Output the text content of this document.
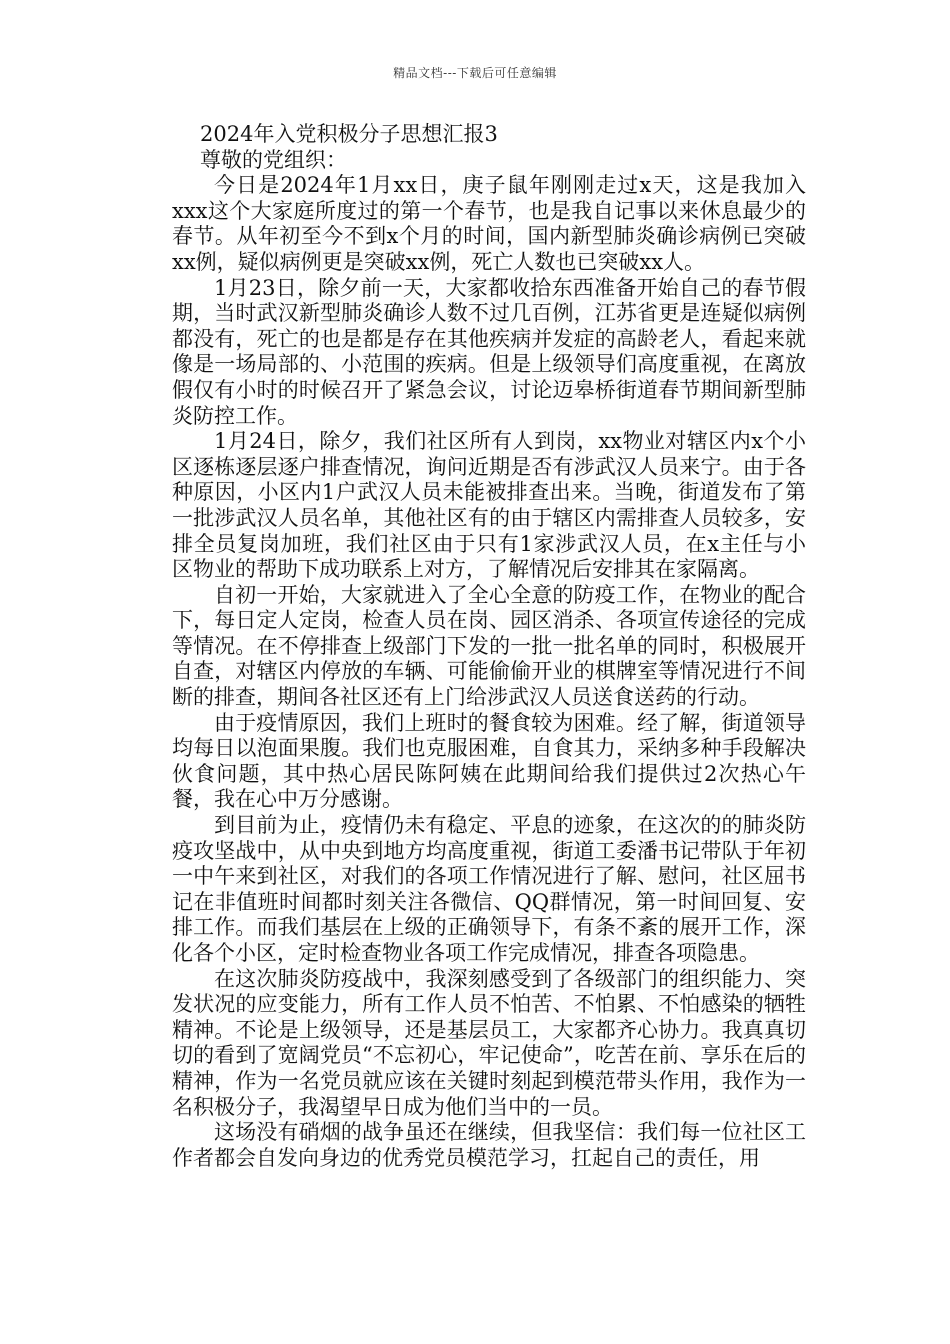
精品文档---下载后可任意编辑

2024年入党积极分子思想汇报3

尊敬的党组织：

今日是2024年1月xx日，庚子鼠年刚刚走过x天，这是我加入xxx这个大家庭所度过的第一个春节，也是我自记事以来休息最少的春节。从年初至今不到x个月的时间，国内新型肺炎确诊病例已突破xx例，疑似病例更是突破xx例，死亡人数也已突破xx人。

1月23日，除夕前一天，大家都收拾东西准备开始自己的春节假期，当时武汉新型肺炎确诊人数不过几百例，江苏省更是连疑似病例都没有，死亡的也是都是存在其他疾病并发症的高龄老人，看起来就像是一场局部的、小范围的疾病。但是上级领导们高度重视，在离放假仅有小时的时候召开了紧急会议，讨论迈皋桥街道春节期间新型肺炎防控工作。

1月24日，除夕，我们社区所有人到岗，xx物业对辖区内x个小区逐栋逐层逐户排查情况，询问近期是否有涉武汉人员来宁。由于各种原因，小区内1户武汉人员未能被排查出来。当晚，街道发布了第一批涉武汉人员名单，其他社区有的由于辖区内需排查人员较多，安排全员复岗加班，我们社区由于只有1家涉武汉人员，在x主任与小区物业的帮助下成功联系上对方，了解情况后安排其在家隔离。

自初一开始，大家就进入了全心全意的防疫工作，在物业的配合下，每日定人定岗，检查人员在岗、园区消杀、各项宣传途径的完成等情况。在不停排查上级部门下发的一批一批名单的同时，积极展开自查，对辖区内停放的车辆、可能偷偷开业的棋牌室等情况进行不间断的排查，期间各社区还有上门给涉武汉人员送食送药的行动。

由于疫情原因，我们上班时的餐食较为困难。经了解，街道领导均每日以泡面果腹。我们也克服困难，自食其力，采纳多种手段解决伙食问题，其中热心居民陈阿姨在此期间给我们提供过2次热心午餐，我在心中万分感谢。

到目前为止，疫情仍未有稳定、平息的迹象，在这次的的肺炎防疫攻坚战中，从中央到地方均高度重视，街道工委潘书记带队于年初一中午来到社区，对我们的各项工作情况进行了解、慰问，社区屈书记在非值班时间都时刻关注各微信、QQ群情况，第一时间回复、安排工作。而我们基层在上级的正确领导下，有条不紊的展开工作，深化各个小区，定时检查物业各项工作完成情况，排查各项隐患。

在这次肺炎防疫战中，我深刻感受到了各级部门的组织能力、突发状况的应变能力，所有工作人员不怕苦、不怕累、不怕感染的牺牲精神。不论是上级领导，还是基层员工，大家都齐心协力。我真真切切的看到了宽阔党员“不忘初心，牢记使命”，吃苦在前、享乐在后的精神，作为一名党员就应该在关键时刻起到模范带头作用，我作为一名积极分子，我渴望早日成为他们当中的一员。

这场没有硝烟的战争虽还在继续，但我坚信：我们每一位社区工作者都会自发向身边的优秀党员模范学习，扛起自己的责任，用
